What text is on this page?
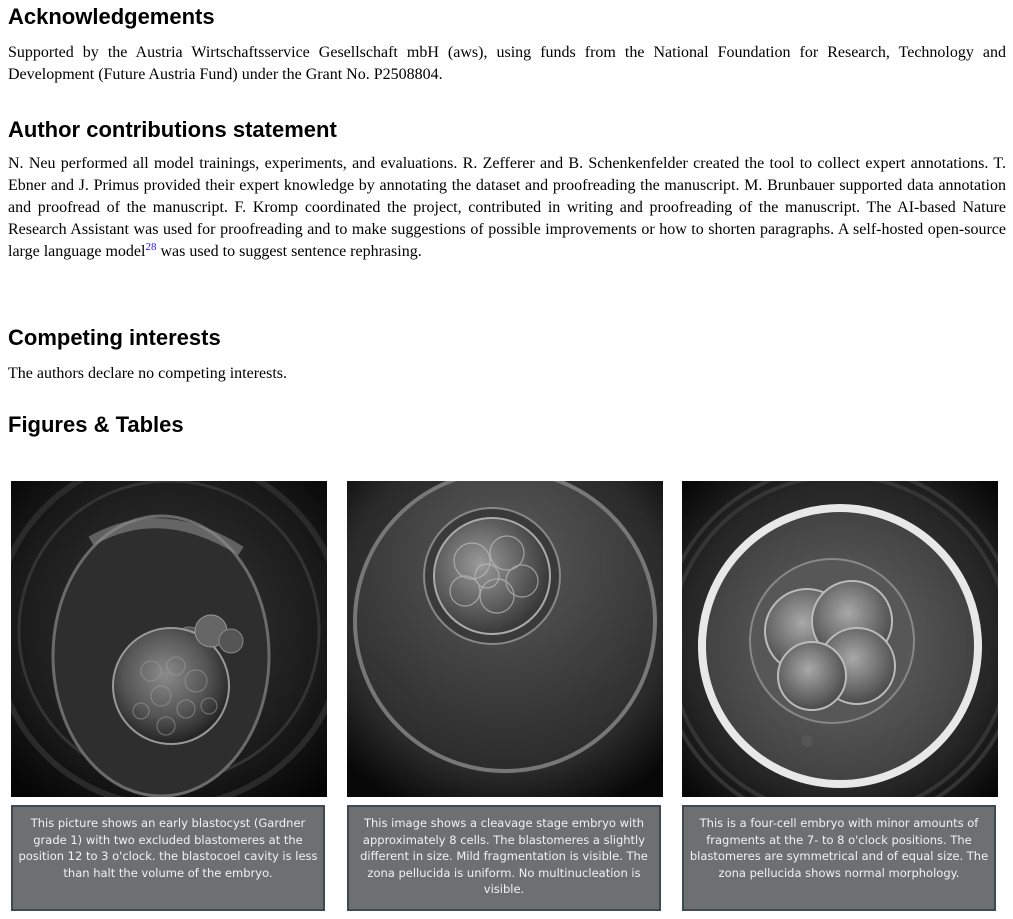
Acknowledgements

Supported by the Austria Wirtschaftsservice Gesellschaft mbH (aws), using funds from the National Foundation for Research, Technology and Development (Future Austria Fund) under the Grant No. P2508804.

Author contributions statement

N. Neu performed all model trainings, experiments, and evaluations. R. Zefferer and B. Schenkenfelder created the tool to collect expert annotations. T. Ebner and J. Primus provided their expert knowledge by annotating the dataset and proofreading the manuscript. M. Brunbauer supported data annotation and proofread of the manuscript. F. Kromp coordinated the project, contributed in writing and proofreading of the manuscript. The AI-based Nature Research Assistant was used for proofreading and to make suggestions of possible improvements or how to shorten paragraphs. A self-hosted open-source large language model$^{28}$ was used to suggest sentence rephrasing.

Competing interests

The authors declare no competing interests.

Figures & Tables
This picture shows an early blastocyst (Gardner grade 1) with two excluded blastomeres at the position 12 to 3 o'clock. the blastocoel cavity is less than halt the volume of the embryo.
This image shows a cleavage stage embryo with approximately 8 cells. The blastomeres a slightly different in size. Mild fragmentation is visible. The zona pellucida is uniform. No multinucleation is visible.
This is a four-cell embryo with minor amounts of fragments at the 7- to 8 o'clock positions. The blastomeres are symmetrical and of equal size. The zona pellucida shows normal morphology.
